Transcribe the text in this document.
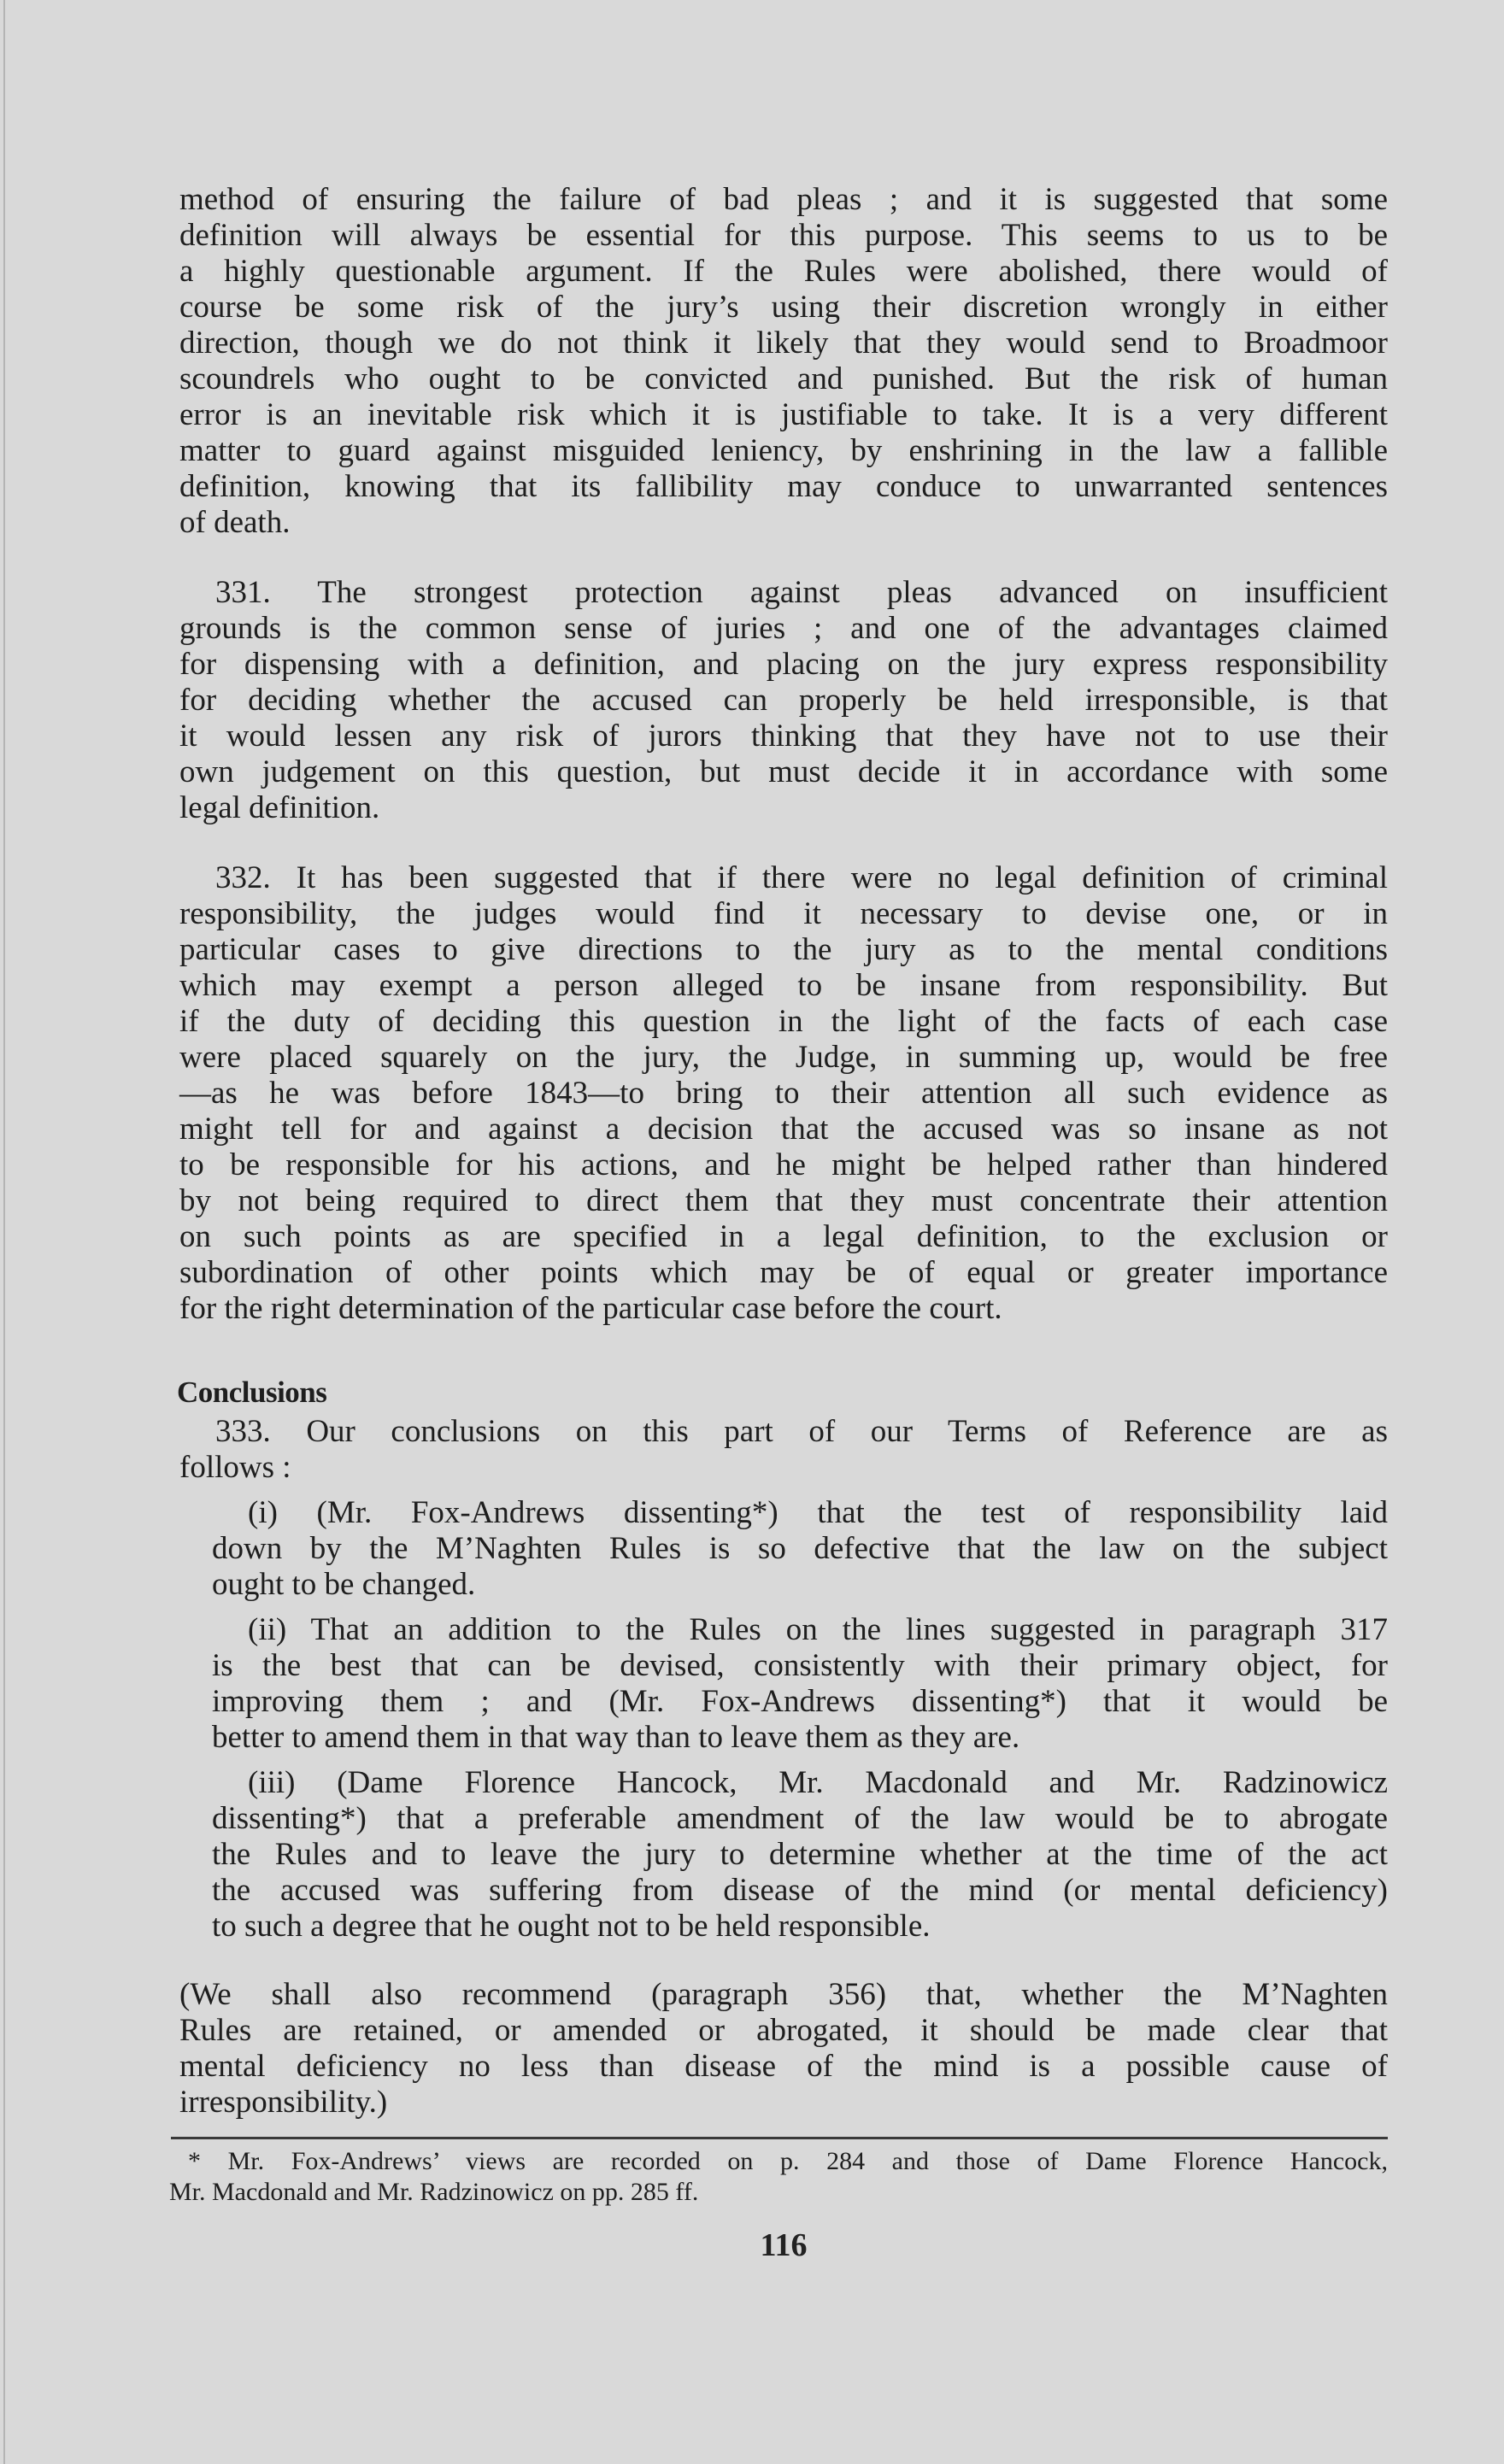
method of ensuring the failure of bad pleas ; and it is suggested that some
definition will always be essential for this purpose. This seems to us to be
a highly questionable argument. If the Rules were abolished, there would of
course be some risk of the jury’s using their discretion wrongly in either
direction, though we do not think it likely that they would send to Broadmoor
scoundrels who ought to be convicted and punished. But the risk of human
error is an inevitable risk which it is justifiable to take. It is a very different
matter to guard against misguided leniency, by enshrining in the law a fallible
definition, knowing that its fallibility may conduce to unwarranted sentences
of death.
331. The strongest protection against pleas advanced on insufficient
grounds is the common sense of juries ; and one of the advantages claimed
for dispensing with a definition, and placing on the jury express responsibility
for deciding whether the accused can properly be held irresponsible, is that
it would lessen any risk of jurors thinking that they have not to use their
own judgement on this question, but must decide it in accordance with some
legal definition.
332. It has been suggested that if there were no legal definition of criminal
responsibility, the judges would find it necessary to devise one, or in
particular cases to give directions to the jury as to the mental conditions
which may exempt a person alleged to be insane from responsibility. But
if the duty of deciding this question in the light of the facts of each case
were placed squarely on the jury, the Judge, in summing up, would be free
—as he was before 1843—to bring to their attention all such evidence as
might tell for and against a decision that the accused was so insane as not
to be responsible for his actions, and he might be helped rather than hindered
by not being required to direct them that they must concentrate their attention
on such points as are specified in a legal definition, to the exclusion or
subordination of other points which may be of equal or greater importance
for the right determination of the particular case before the court.
Conclusions
333. Our conclusions on this part of our Terms of Reference are as
follows :
(i) (Mr. Fox-Andrews dissenting*) that the test of responsibility laid
down by the M’Naghten Rules is so defective that the law on the subject
ought to be changed.
(ii) That an addition to the Rules on the lines suggested in paragraph 317
is the best that can be devised, consistently with their primary object, for
improving them ; and (Mr. Fox-Andrews dissenting*) that it would be
better to amend them in that way than to leave them as they are.
(iii) (Dame Florence Hancock, Mr. Macdonald and Mr. Radzinowicz
dissenting*) that a preferable amendment of the law would be to abrogate
the Rules and to leave the jury to determine whether at the time of the act
the accused was suffering from disease of the mind (or mental deficiency)
to such a degree that he ought not to be held responsible.
(We shall also recommend (paragraph 356) that, whether the M’Naghten
Rules are retained, or amended or abrogated, it should be made clear that
mental deficiency no less than disease of the mind is a possible cause of
irresponsibility.)
* Mr. Fox-Andrews’ views are recorded on p. 284 and those of Dame Florence Hancock,
Mr. Macdonald and Mr. Radzinowicz on pp. 285 ff.
116
